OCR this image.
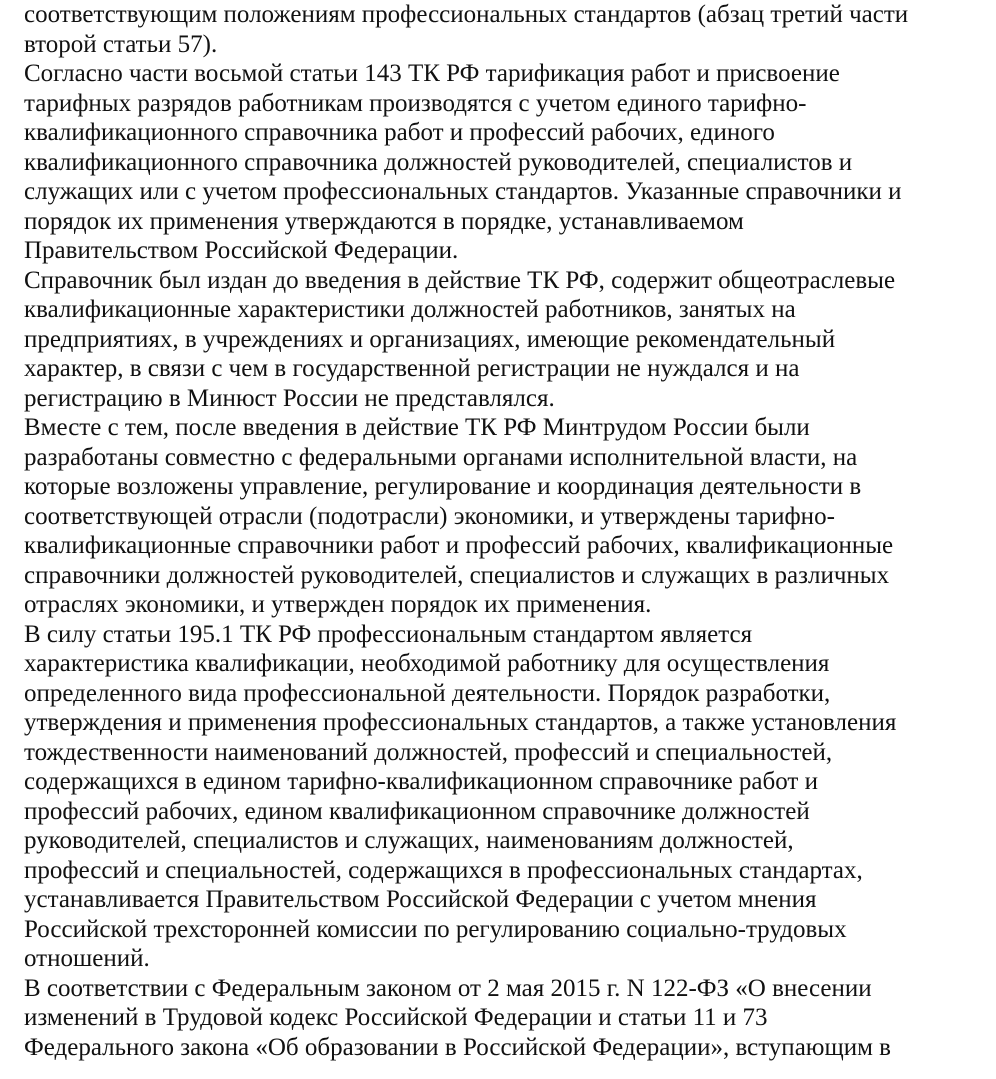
соответствующим положениям профессиональных стандартов (абзац третий части
второй статьи 57).
Согласно части восьмой статьи 143 ТК РФ тарификация работ и присвоение
тарифных разрядов работникам производятся с учетом единого тарифно-
квалификационного справочника работ и профессий рабочих, единого
квалификационного справочника должностей руководителей, специалистов и
служащих или с учетом профессиональных стандартов. Указанные справочники и
порядок их применения утверждаются в порядке, устанавливаемом
Правительством Российской Федерации.
Справочник был издан до введения в действие ТК РФ, содержит общеотраслевые
квалификационные характеристики должностей работников, занятых на
предприятиях, в учреждениях и организациях, имеющие рекомендательный
характер, в связи с чем в государственной регистрации не нуждался и на
регистрацию в Минюст России не представлялся.
Вместе с тем, после введения в действие ТК РФ Минтрудом России были
разработаны совместно с федеральными органами исполнительной власти, на
которые возложены управление, регулирование и координация деятельности в
соответствующей отрасли (подотрасли) экономики, и утверждены тарифно-
квалификационные справочники работ и профессий рабочих, квалификационные
справочники должностей руководителей, специалистов и служащих в различных
отраслях экономики, и утвержден порядок их применения.
В силу статьи 195.1 ТК РФ профессиональным стандартом является
характеристика квалификации, необходимой работнику для осуществления
определенного вида профессиональной деятельности. Порядок разработки,
утверждения и применения профессиональных стандартов, а также установления
тождественности наименований должностей, профессий и специальностей,
содержащихся в едином тарифно-квалификационном справочнике работ и
профессий рабочих, едином квалификационном справочнике должностей
руководителей, специалистов и служащих, наименованиям должностей,
профессий и специальностей, содержащихся в профессиональных стандартах,
устанавливается Правительством Российской Федерации с учетом мнения
Российской трехсторонней комиссии по регулированию социально-трудовых
отношений.
В соответствии с Федеральным законом от 2 мая 2015 г. N 122-ФЗ «О внесении
изменений в Трудовой кодекс Российской Федерации и статьи 11 и 73
Федерального закона «Об образовании в Российской Федерации», вступающим в
